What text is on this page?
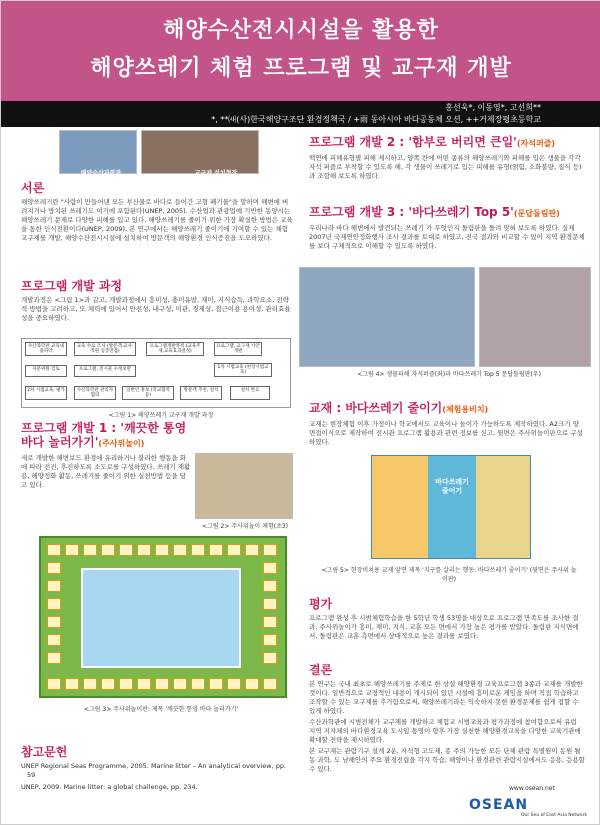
해양수산전시시설을 활용한
해양쓰레기 체험 프로그램 및 교구재 개발
홍선욱*, 이동영*, 고선희**
*, **㈔(사)한국해양구조단 환경정책국 / +雨 동아시아 바다공동체 오션, ++거제장평초등학교
해양수산과학관	교구재 설치현장
서론
해양쓰레기란 "사람이 만들어낸 모든 부산물로 바다로 들어간 고형 폐기물"을 말하며 해변에 버려지거나 방치된 쓰레기도 여기에 포함된다(UNEP, 2005). 수산업과 관광업에 기반한 동양시는 해양쓰레기 문제로 다양한 피해를 입고 있다. 해양쓰레기를 줄이기 위한 가장 확실한 방법은 교육을 통한 인식전환이다(UNEP, 2009). 본 연구에서는 해양쓰레기 줄이기에 기여할 수 있는 체험교구재를 개발, 해양수산전시시설에 설치하여 방문객의 해양환경 인식증진을 도모하였다.
프로그램 개발 과정
개발과정은 <그림 1>과 같고, 개발과정에서 흥미성, 충미유발, 재미, 지식습득, 과학요소, 전략적 방법을 고려하고, 또 체력에 있어서 안전성, 내구성, 미관, 경제성, 접근이용 용이성, 관리효율성을 중요하였다.
수산과학관 교육내용파악
교육 수요 조사 (방문객·교사·직원 심층면접)
프로그램개발목적 (교육주제,교육효과설정)
프로그램, 교구재 시안 개발
자문위원 검토	프로그램, 전시물 수정보완	1차 시범교육 (현장시범교육)
2차 시범교육, 평가	수산과학관 관리자협의
일반인 홍보 (학교협력 등)
방문객 추천, 설치	설치 완료
<그림 1> 해양쓰레기 교구재 개발 과정
프로그램 개발 1 : '깨끗한 통영바다 놀러가기'(주사위놀이)
새로 개발한 해변보드 환경에 유리하거나 불리한 행동을 화에 따라 전진, 후진하도록 소도로를 구성하였다. 쓰레기 재활용, 해양정화 활동, 쓰레기를 줄이기 위한 실천방법 등을 담고 있다.
<그림 2> 주사위놀이 체험(초3)
<그림 3> 주사위놀이판: 제목 '깨끗한 통영 바다 놀러가기'
참고문헌
UNEP Regional Seas Programme, 2005. Marine litter – An analytical overview, pp. 59
UNEP, 2009. Marine litter: a global challenge, pp. 234.
프로그램 개발 2 : '함부로 버리면 큰일'(자석퍼즐)
백연에 피해유형별 피해 제시하고, 양쪽 칸에 어떤 종류의 해양쓰레기와 피해를 입은 생물을 각각 자석 퍼즐로 부착할 수 있도록 해, 각 생물이 쓰레기로 입는 피해를 유형(얽힘, 소화불량, 질식 등)과 조합해 보도록 하였다.
프로그램 개발 3 : '바다쓰레기 Top 5'(문답돌림판)
우리나라 바다 해변에서 발견되는 쓰레기 가 무엇인지 돌림판을 돌려 맞혀 보도록 하였다. 실제 2007년 국제연안정화행사 조사 결과를 토대로 하였고, 전국 결과와 비교할 수 있어 지역 환경문제를 보다 구체적으로 이해할 수 있도록 하였다.
<그림 4> 생물피해 자석퍼즐(좌)과 바다쓰레기 Top 5 문답돌림판(우)
교재 : 바다쓰레기 줄이기(체험용비치)
교재는 현장체험 이후 가정이나 학교에서도 교육이나 놀이가 가능하도록 제작하였다. A2크기 양면접이식으로 제작하여 전시관 프로그램 활용과 관련 정보를 싣고, 뒷면은 주사위놀이판으로 구성하였다.
바다쓰레기 줄이기
<그림 5> 현장비치용 교재 앞면 제목 '지구를 살리는 행동: 바다쓰레기 줄이기' (뒷면은 주사위 놀이판)
평가
프로그램 완성 후 시범체험학습을 한 5학년 학생 53명을 대상으로 프로그램 만족도를 조사한 결과, 주사위놀이가 흥미, 재미, 지식, 교훈 모든 면에서 가장 높은 평가를 받았다. 돌림판 지식면에서, 돌림판은 교훈 측면에서 상대적으로 높은 결과를 보였다.
결론
본 연구는 국내 최초로 해양쓰레기를 주제로 한 상설 해양환경 교육프로그램 3종과 교재를 개발한 것이다. 일반적으로 교정적인 내용이 개시되어 있던 시설에 흥미로운 게임을 하며 직접 학습하고 조작할 수 있는 교구재를 추가함으로써, 해양쓰레기라는 익숙하지 못한 환경문제를 쉽게 접할 수 있게 하였다.
수산과학관에 시범전체가 교구재를 개발하고 체험교 시범교육과 평가과정에 참여함으로써 유럽 지역 지자체의 바다환경교육 도시임 통영이 향후 가장 실천한 해양환경교육을 다양한 교육기관에 확대할 전략을 제시하였다.
본 교구재는 관람기구 설계 2운, 자석형 고도체, 종 주의 가능한 모든 단체 관람 특별원이 동원 될 동 과학, 도 남해안의 주요 환경전립을 각지 학습, 해양이나 환경관련 관람시설에서도 응용, 응용할 수 있다.
www.osean.net
OSEAN
Our Sea of East Asia Network
